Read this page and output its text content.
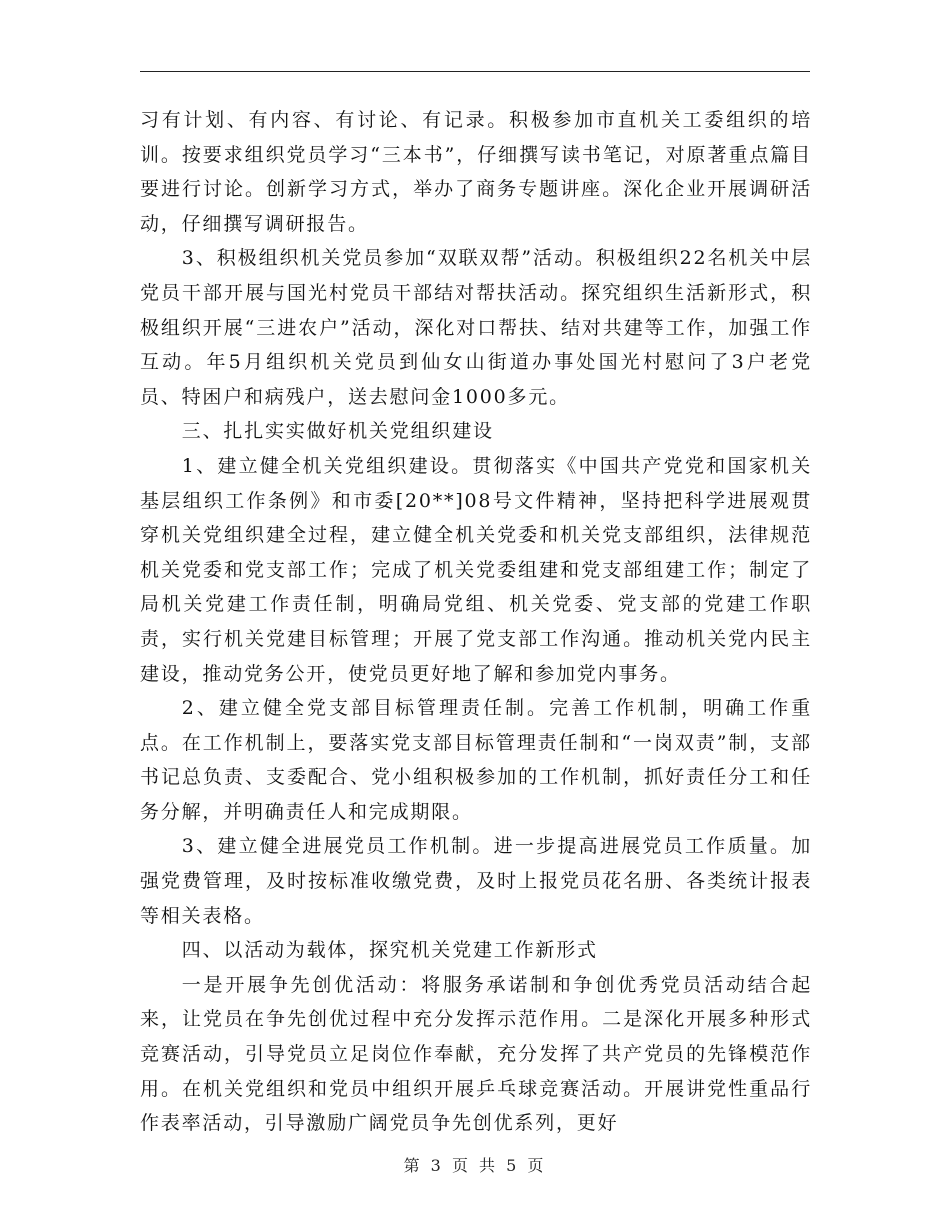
习有计划、有内容、有讨论、有记录。积极参加市直机关工委组织的培训。按要求组织党员学习“三本书”，仔细撰写读书笔记，对原著重点篇目要进行讨论。创新学习方式，举办了商务专题讲座。深化企业开展调研活动，仔细撰写调研报告。

3、积极组织机关党员参加“双联双帮”活动。积极组织22名机关中层党员干部开展与国光村党员干部结对帮扶活动。探究组织生活新形式，积极组织开展“三进农户”活动，深化对口帮扶、结对共建等工作，加强工作互动。年5月组织机关党员到仙女山街道办事处国光村慰问了3户老党员、特困户和病残户，送去慰问金1000多元。

三、扎扎实实做好机关党组织建设

1、建立健全机关党组织建设。贯彻落实《中国共产党党和国家机关基层组织工作条例》和市委[20**]08号文件精神，坚持把科学进展观贯穿机关党组织建全过程，建立健全机关党委和机关党支部组织，法律规范机关党委和党支部工作；完成了机关党委组建和党支部组建工作；制定了局机关党建工作责任制，明确局党组、机关党委、党支部的党建工作职责，实行机关党建目标管理；开展了党支部工作沟通。推动机关党内民主建设，推动党务公开，使党员更好地了解和参加党内事务。

2、建立健全党支部目标管理责任制。完善工作机制，明确工作重点。在工作机制上，要落实党支部目标管理责任制和“一岗双责”制，支部书记总负责、支委配合、党小组积极参加的工作机制，抓好责任分工和任务分解，并明确责任人和完成期限。

3、建立健全进展党员工作机制。进一步提高进展党员工作质量。加强党费管理，及时按标准收缴党费，及时上报党员花名册、各类统计报表等相关表格。

四、以活动为载体，探究机关党建工作新形式

一是开展争先创优活动：将服务承诺制和争创优秀党员活动结合起来，让党员在争先创优过程中充分发挥示范作用。二是深化开展多种形式竞赛活动，引导党员立足岗位作奉献，充分发挥了共产党员的先锋模范作用。在机关党组织和党员中组织开展乒乓球竞赛活动。开展讲党性重品行作表率活动，引导激励广阔党员争先创优系列，更好

第 3 页 共 5 页
